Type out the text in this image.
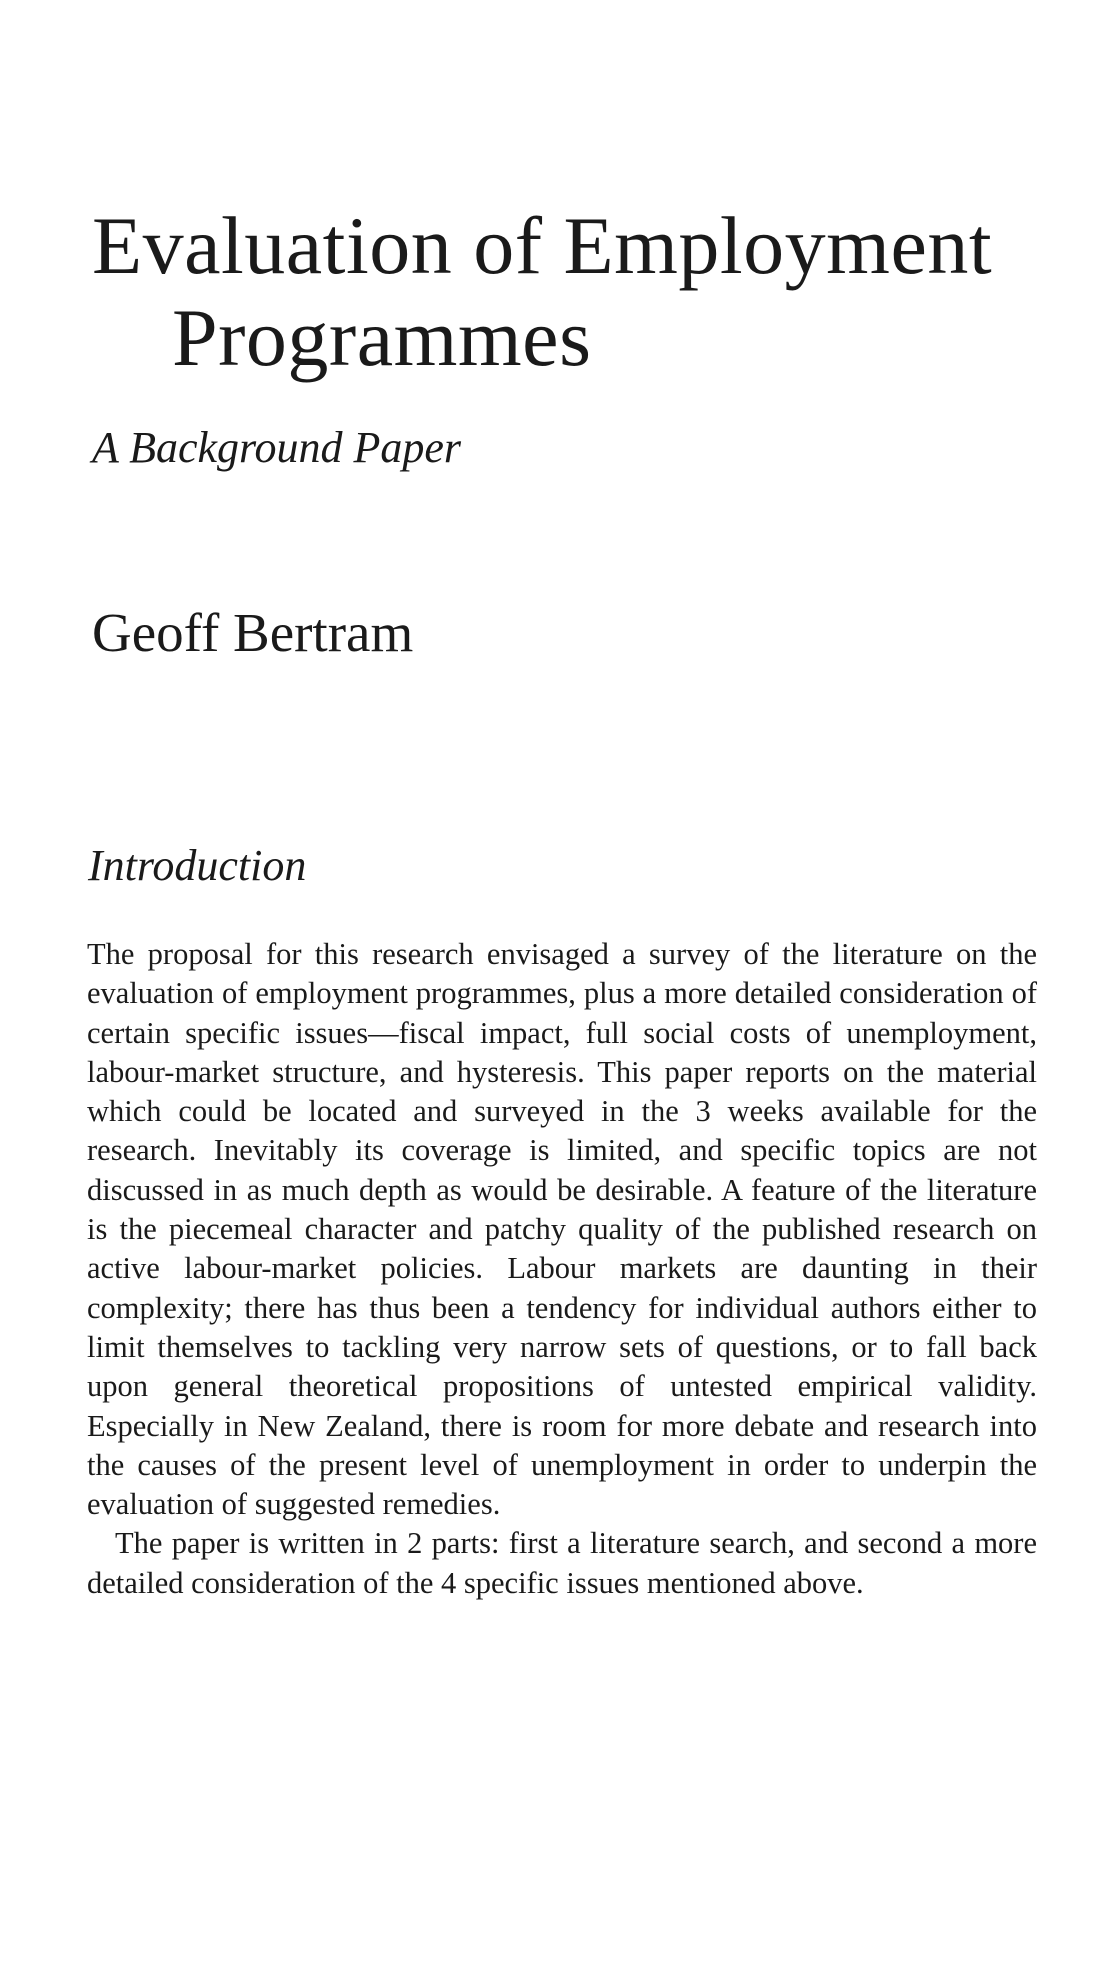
Evaluation of Employment
Programmes
A Background Paper
Geoff Bertram
Introduction

The proposal for this research envisaged a survey of the literature on the evaluation of employment programmes, plus a more detailed consideration of certain specific issues—fiscal impact, full social costs of unemployment, labour-market structure, and hysteresis. This paper reports on the material which could be located and surveyed in the 3 weeks available for the research. Inevitably its coverage is limited, and specific topics are not discussed in as much depth as would be desirable. A feature of the literature is the piecemeal character and patchy quality of the published research on active labour-market policies. Labour markets are daunting in their complexity; there has thus been a tendency for individual authors either to limit themselves to tackling very narrow sets of questions, or to fall back upon general theoretical propositions of untested empirical validity. Especially in New Zealand, there is room for more debate and research into the causes of the present level of unemployment in order to underpin the evaluation of suggested remedies.

The paper is written in 2 parts: first a literature search, and second a more detailed consideration of the 4 specific issues mentioned above.
